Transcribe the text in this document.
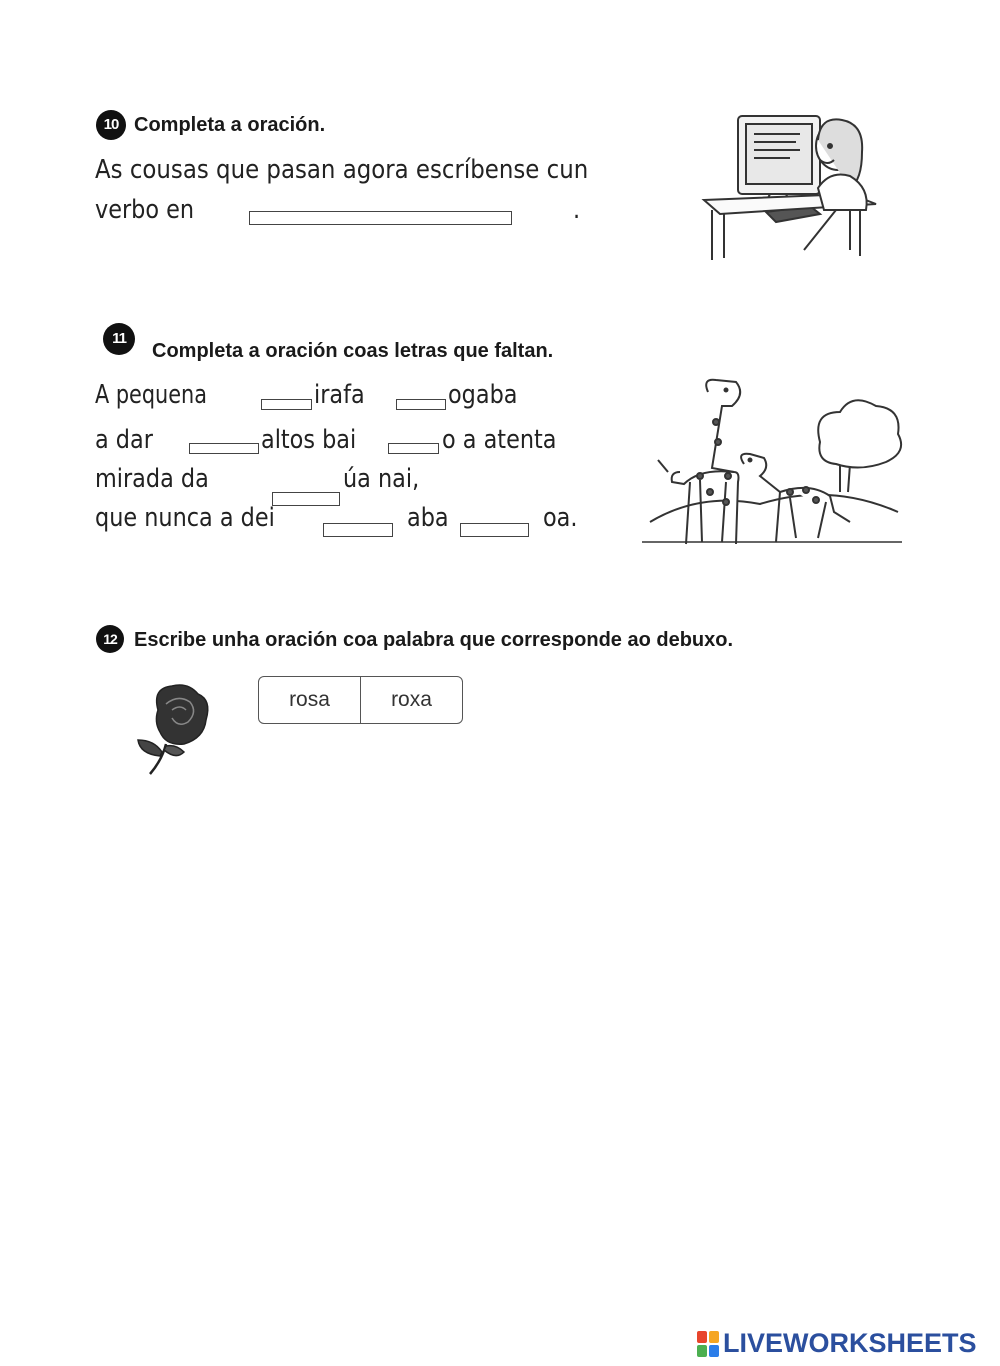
10 Completa a oración.
As cousas que pasan agora escríbense cun
verbo en	.
11
Completa a oración coas letras que faltan.
A pequena	irafa	ogaba
a dar	altos bai	o a atenta
mirada da	úa nai,
que nunca a dei	aba	oa.
12 Escribe unha oración coa palabra que corresponde ao debuxo.
rosa	roxa
LIVEWORKSHEETS
